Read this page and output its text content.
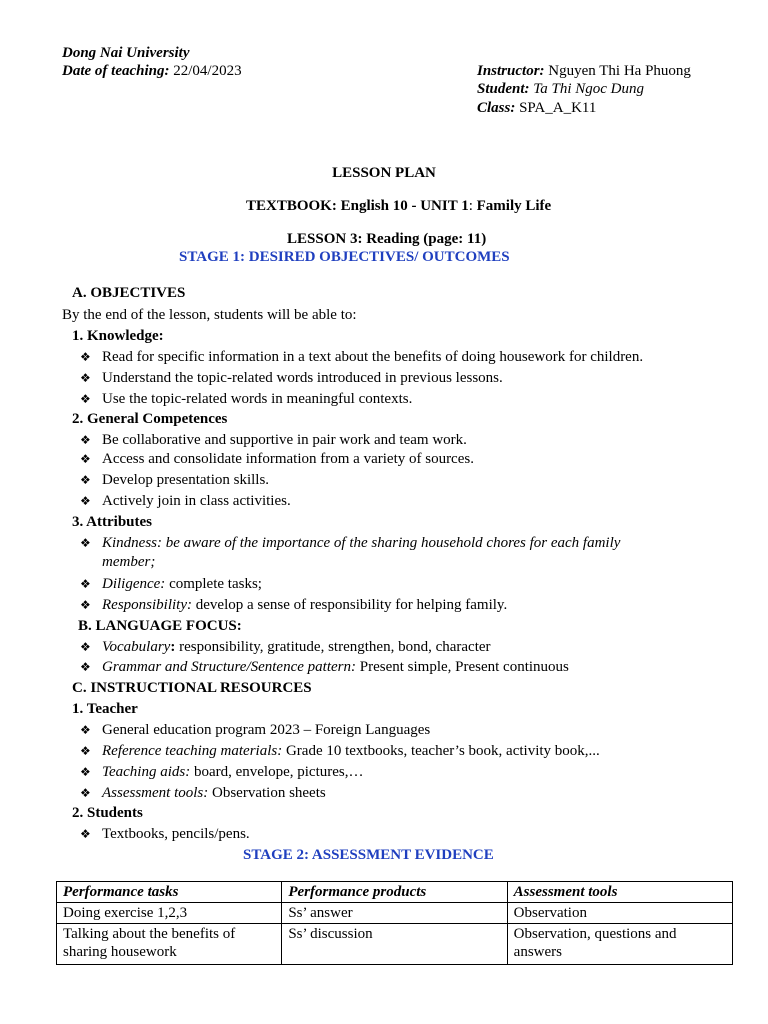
Dong Nai University
Date of teaching: 22/04/2023	Instructor: Nguyen Thi Ha Phuong
Student: Ta Thi Ngoc Dung
Class: SPA_A_K11
LESSON PLAN
TEXTBOOK: English 10 - UNIT 1: Family Life
LESSON 3: Reading (page: 11)
STAGE 1: DESIRED OBJECTIVES/ OUTCOMES
A. OBJECTIVES
By the end of the lesson, students will be able to:
1. Knowledge:
❖ Read for specific information in a text about the benefits of doing housework for children.
❖ Understand the topic-related words introduced in previous lessons.
❖ Use the topic-related words in meaningful contexts.
2. General Competences
❖ Be collaborative and supportive in pair work and team work.
❖ Access and consolidate information from a variety of sources.
❖ Develop presentation skills.
❖ Actively join in class activities.
3. Attributes
❖ Kindness: be aware of the importance of the sharing household chores for each family
member;
❖ Diligence: complete tasks;
❖ Responsibility: develop a sense of responsibility for helping family.
B. LANGUAGE FOCUS:
❖ Vocabulary: responsibility, gratitude, strengthen, bond, character
❖ Grammar and Structure/Sentence pattern: Present simple, Present continuous
C. INSTRUCTIONAL RESOURCES
1. Teacher
❖ General education program 2023 – Foreign Languages
❖ Reference teaching materials: Grade 10 textbooks, teacher’s book, activity book,...
❖ Teaching aids: board, envelope, pictures,…
❖ Assessment tools: Observation sheets
2. Students
❖ Textbooks, pencils/pens.
STAGE 2: ASSESSMENT EVIDENCE
Performance tasks	Performance products	Assessment tools
Doing exercise 1,2,3	Ss’ answer	Observation
Talking about the benefits of sharing housework	Ss’ discussion	Observation, questions and answers
